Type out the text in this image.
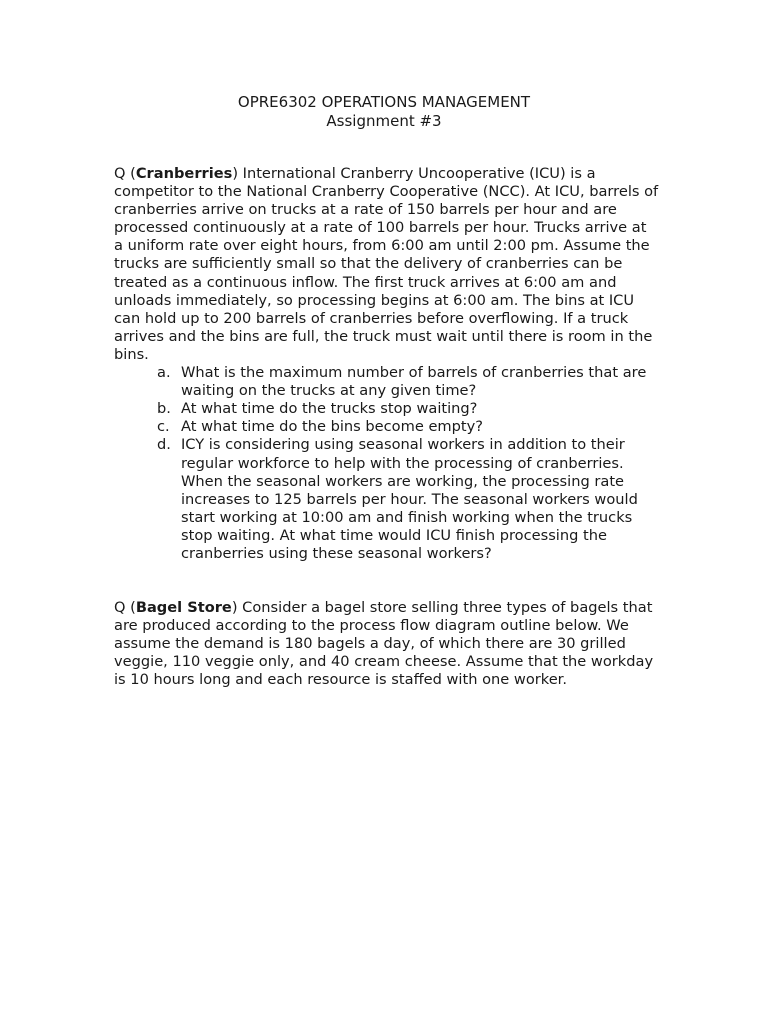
OPRE6302 OPERATIONS MANAGEMENT
Assignment #3

Q (Cranberries) International Cranberry Uncooperative (ICU) is a competitor to the National Cranberry Cooperative (NCC). At ICU, barrels of cranberries arrive on trucks at a rate of 150 barrels per hour and are processed continuously at a rate of 100 barrels per hour. Trucks arrive at a uniform rate over eight hours, from 6:00 am until 2:00 pm. Assume the trucks are sufficiently small so that the delivery of cranberries can be treated as a continuous inflow. The first truck arrives at 6:00 am and unloads immediately, so processing begins at 6:00 am. The bins at ICU can hold up to 200 barrels of cranberries before overflowing. If a truck arrives and the bins are full, the truck must wait until there is room in the bins.

a. What is the maximum number of barrels of cranberries that are waiting on the trucks at any given time?
b. At what time do the trucks stop waiting?
c. At what time do the bins become empty?
d. ICY is considering using seasonal workers in addition to their regular workforce to help with the processing of cranberries. When the seasonal workers are working, the processing rate increases to 125 barrels per hour. The seasonal workers would start working at 10:00 am and finish working when the trucks stop waiting. At what time would ICU finish processing the cranberries using these seasonal workers?

Q (Bagel Store) Consider a bagel store selling three types of bagels that are produced according to the process flow diagram outline below. We assume the demand is 180 bagels a day, of which there are 30 grilled veggie, 110 veggie only, and 40 cream cheese. Assume that the workday is 10 hours long and each resource is staffed with one worker.
